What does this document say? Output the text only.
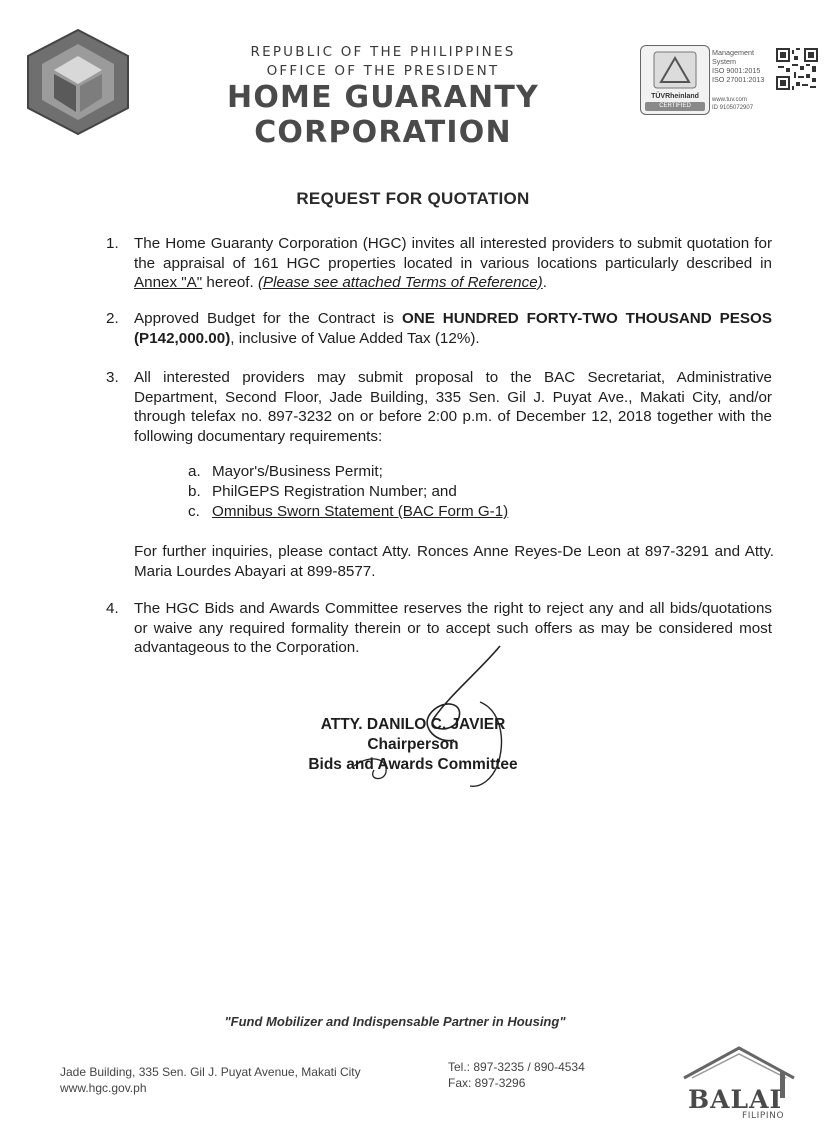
REPUBLIC OF THE PHILIPPINES
OFFICE OF THE PRESIDENT
HOME GUARANTY CORPORATION
TÜVRheinland
CERTIFIED
Management
System
ISO 9001:2015
ISO 27001:2013
www.tuv.com
ID 9105072907
REQUEST FOR QUOTATION
1. The Home Guaranty Corporation (HGC) invites all interested providers to submit quotation for the appraisal of 161 HGC properties located in various locations particularly described in Annex "A" hereof. (Please see attached Terms of Reference).
2. Approved Budget for the Contract is ONE HUNDRED FORTY-TWO THOUSAND PESOS (P142,000.00), inclusive of Value Added Tax (12%).
3. All interested providers may submit proposal to the BAC Secretariat, Administrative Department, Second Floor, Jade Building, 335 Sen. Gil J. Puyat Ave., Makati City, and/or through telefax no. 897-3232 on or before 2:00 p.m. of December 12, 2018 together with the following documentary requirements:
a. Mayor's/Business Permit;
b. PhilGEPS Registration Number; and
c. Omnibus Sworn Statement (BAC Form G-1)
For further inquiries, please contact Atty. Ronces Anne Reyes-De Leon at 897-3291 and Atty. Maria Lourdes Abayari at 899-8577.
4. The HGC Bids and Awards Committee reserves the right to reject any and all bids/quotations or waive any required formality therein or to accept such offers as may be considered most advantageous to the Corporation.
ATTY. DANILO C. JAVIER
Chairperson
Bids and Awards Committee
"Fund Mobilizer and Indispensable Partner in Housing"
Jade Building, 335 Sen. Gil J. Puyat Avenue, Makati City
www.hgc.gov.ph
Tel.: 897-3235 / 890-4534
Fax: 897-3296
BALAI
FILIPINO
